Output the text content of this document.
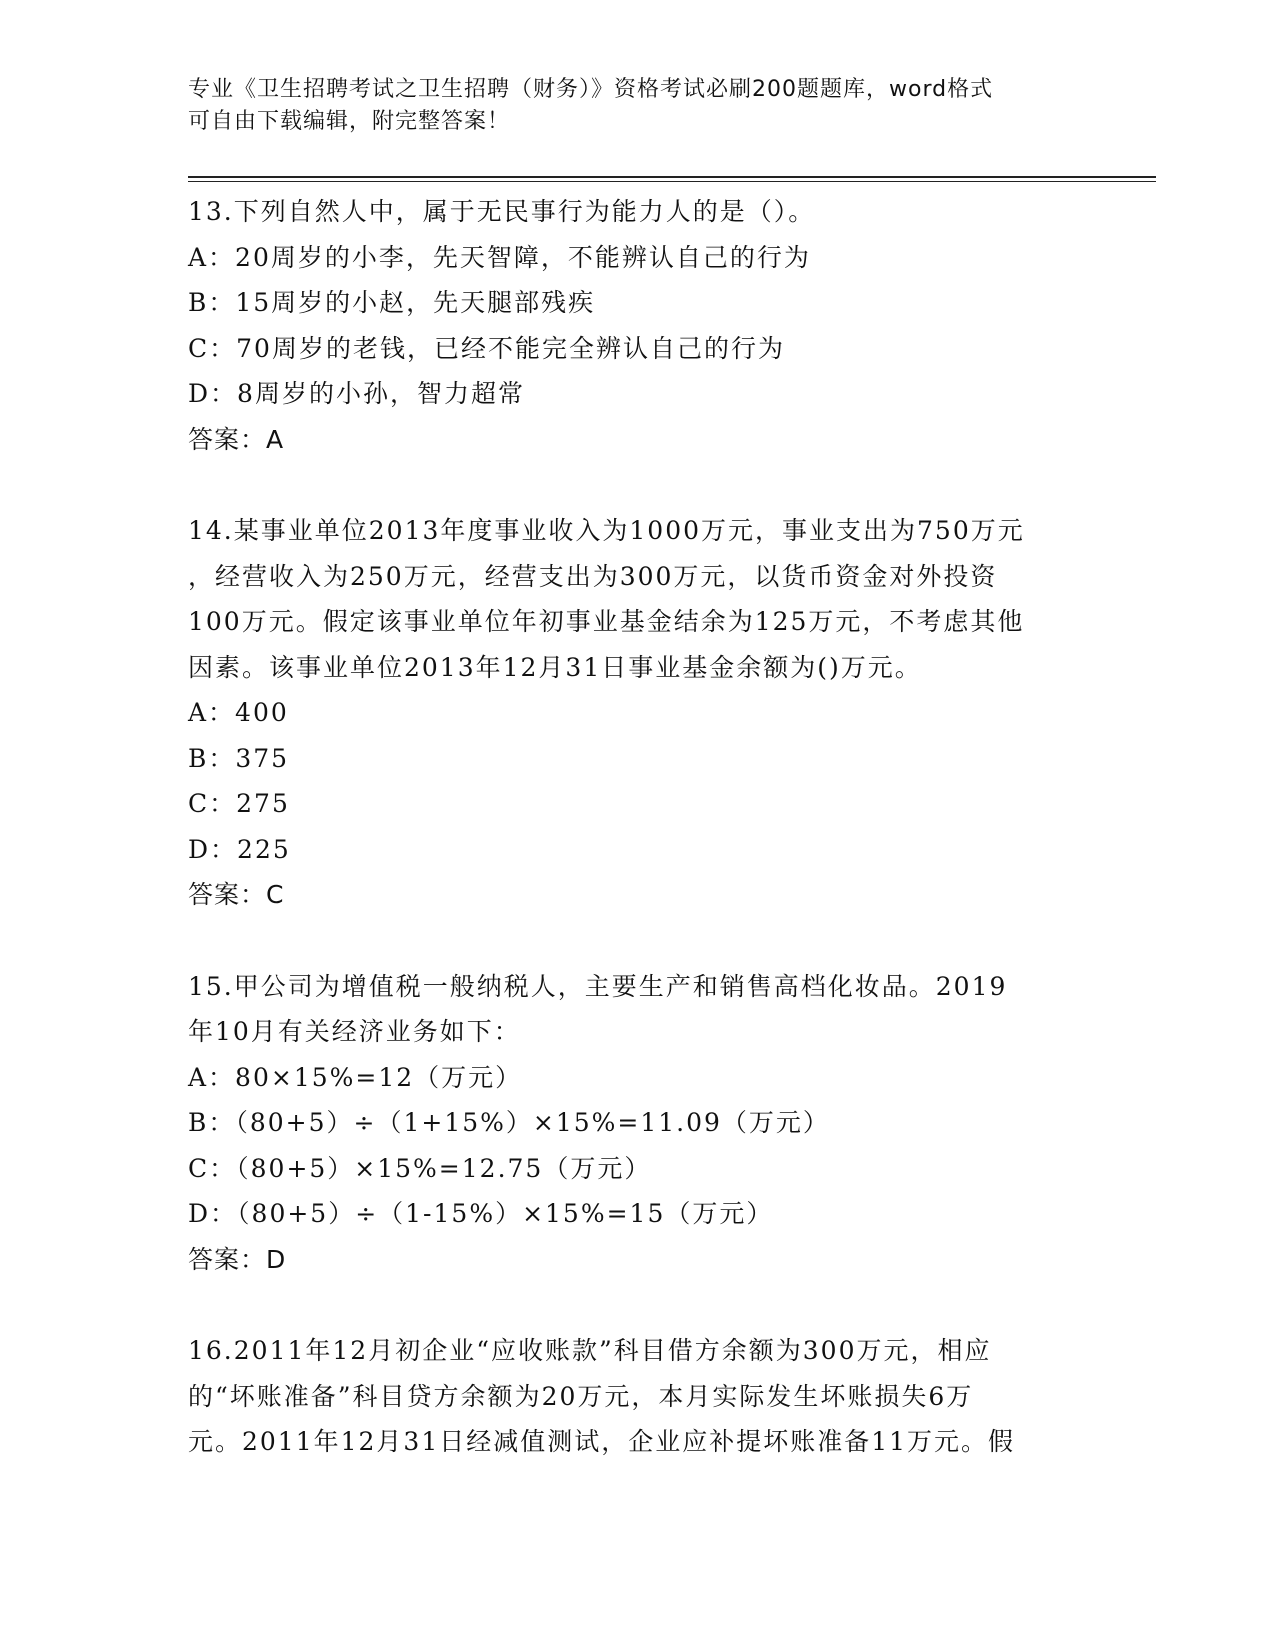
专业《卫生招聘考试之卫生招聘（财务）》资格考试必刷200题题库，word格式
可自由下载编辑，附完整答案！
13.下列自然人中，属于无民事行为能力人的是（）。
A：20周岁的小李，先天智障，不能辨认自己的行为
B：15周岁的小赵，先天腿部残疾
C：70周岁的老钱，已经不能完全辨认自己的行为
D：8周岁的小孙，智力超常
答案：A
14.某事业单位2013年度事业收入为1000万元，事业支出为750万元
，经营收入为250万元，经营支出为300万元，以货币资金对外投资
100万元。假定该事业单位年初事业基金结余为125万元，不考虑其他
因素。该事业单位2013年12月31日事业基金余额为()万元。
A：400
B：375
C：275
D：225
答案：C
15.甲公司为增值税一般纳税人，主要生产和销售高档化妆品。2019
年10月有关经济业务如下：
A：80×15%=12（万元）
B：（80+5）÷（1+15%）×15%=11.09（万元）
C：（80+5）×15%=12.75（万元）
D：（80+5）÷（1-15%）×15%=15（万元）
答案：D
16.2011年12月初企业“应收账款”科目借方余额为300万元，相应
的“坏账准备”科目贷方余额为20万元，本月实际发生坏账损失6万
元。2011年12月31日经减值测试，企业应补提坏账准备11万元。假
